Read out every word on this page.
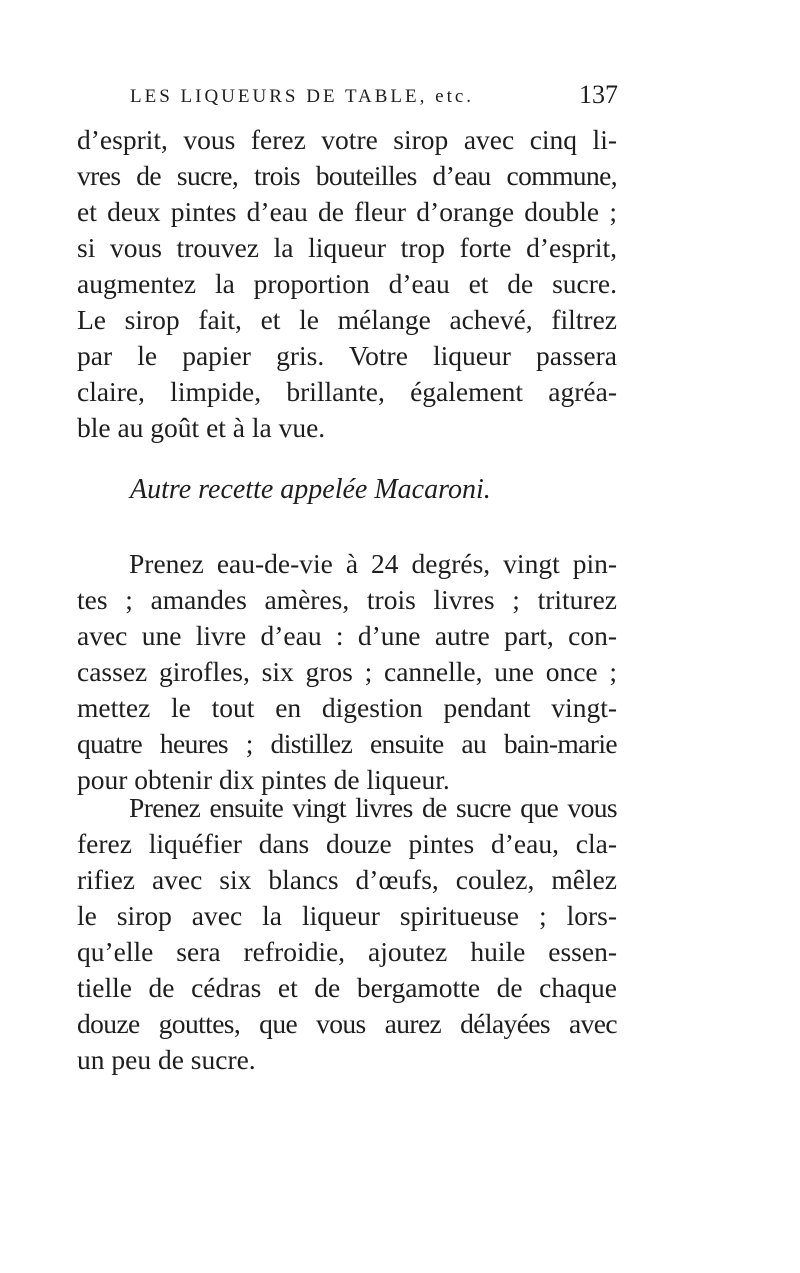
LES LIQUEURS DE TABLE, etc.	137
d’esprit, vous ferez votre sirop avec cinq li-
vres de sucre, trois bouteilles d’eau commune,
et deux pintes d’eau de fleur d’orange double ;
si vous trouvez la liqueur trop forte d’esprit,
augmentez la proportion d’eau et de sucre.
Le sirop fait, et le mélange achevé, filtrez
par le papier gris. Votre liqueur passera
claire, limpide, brillante, également agréa-
ble au goût et à la vue.
Autre recette appelée Macaroni.
Prenez eau-de-vie à 24 degrés, vingt pin-
tes ; amandes amères, trois livres ; triturez
avec une livre d’eau : d’une autre part, con-
cassez girofles, six gros ; cannelle, une once ;
mettez le tout en digestion pendant vingt-
quatre heures ; distillez ensuite au bain-marie
pour obtenir dix pintes de liqueur.
Prenez ensuite vingt livres de sucre que vous
ferez liquéfier dans douze pintes d’eau, cla-
rifiez avec six blancs d’œufs, coulez, mêlez
le sirop avec la liqueur spiritueuse ; lors-
qu’elle sera refroidie, ajoutez huile essen-
tielle de cédras et de bergamotte de chaque
douze gouttes, que vous aurez délayées avec
un peu de sucre.
